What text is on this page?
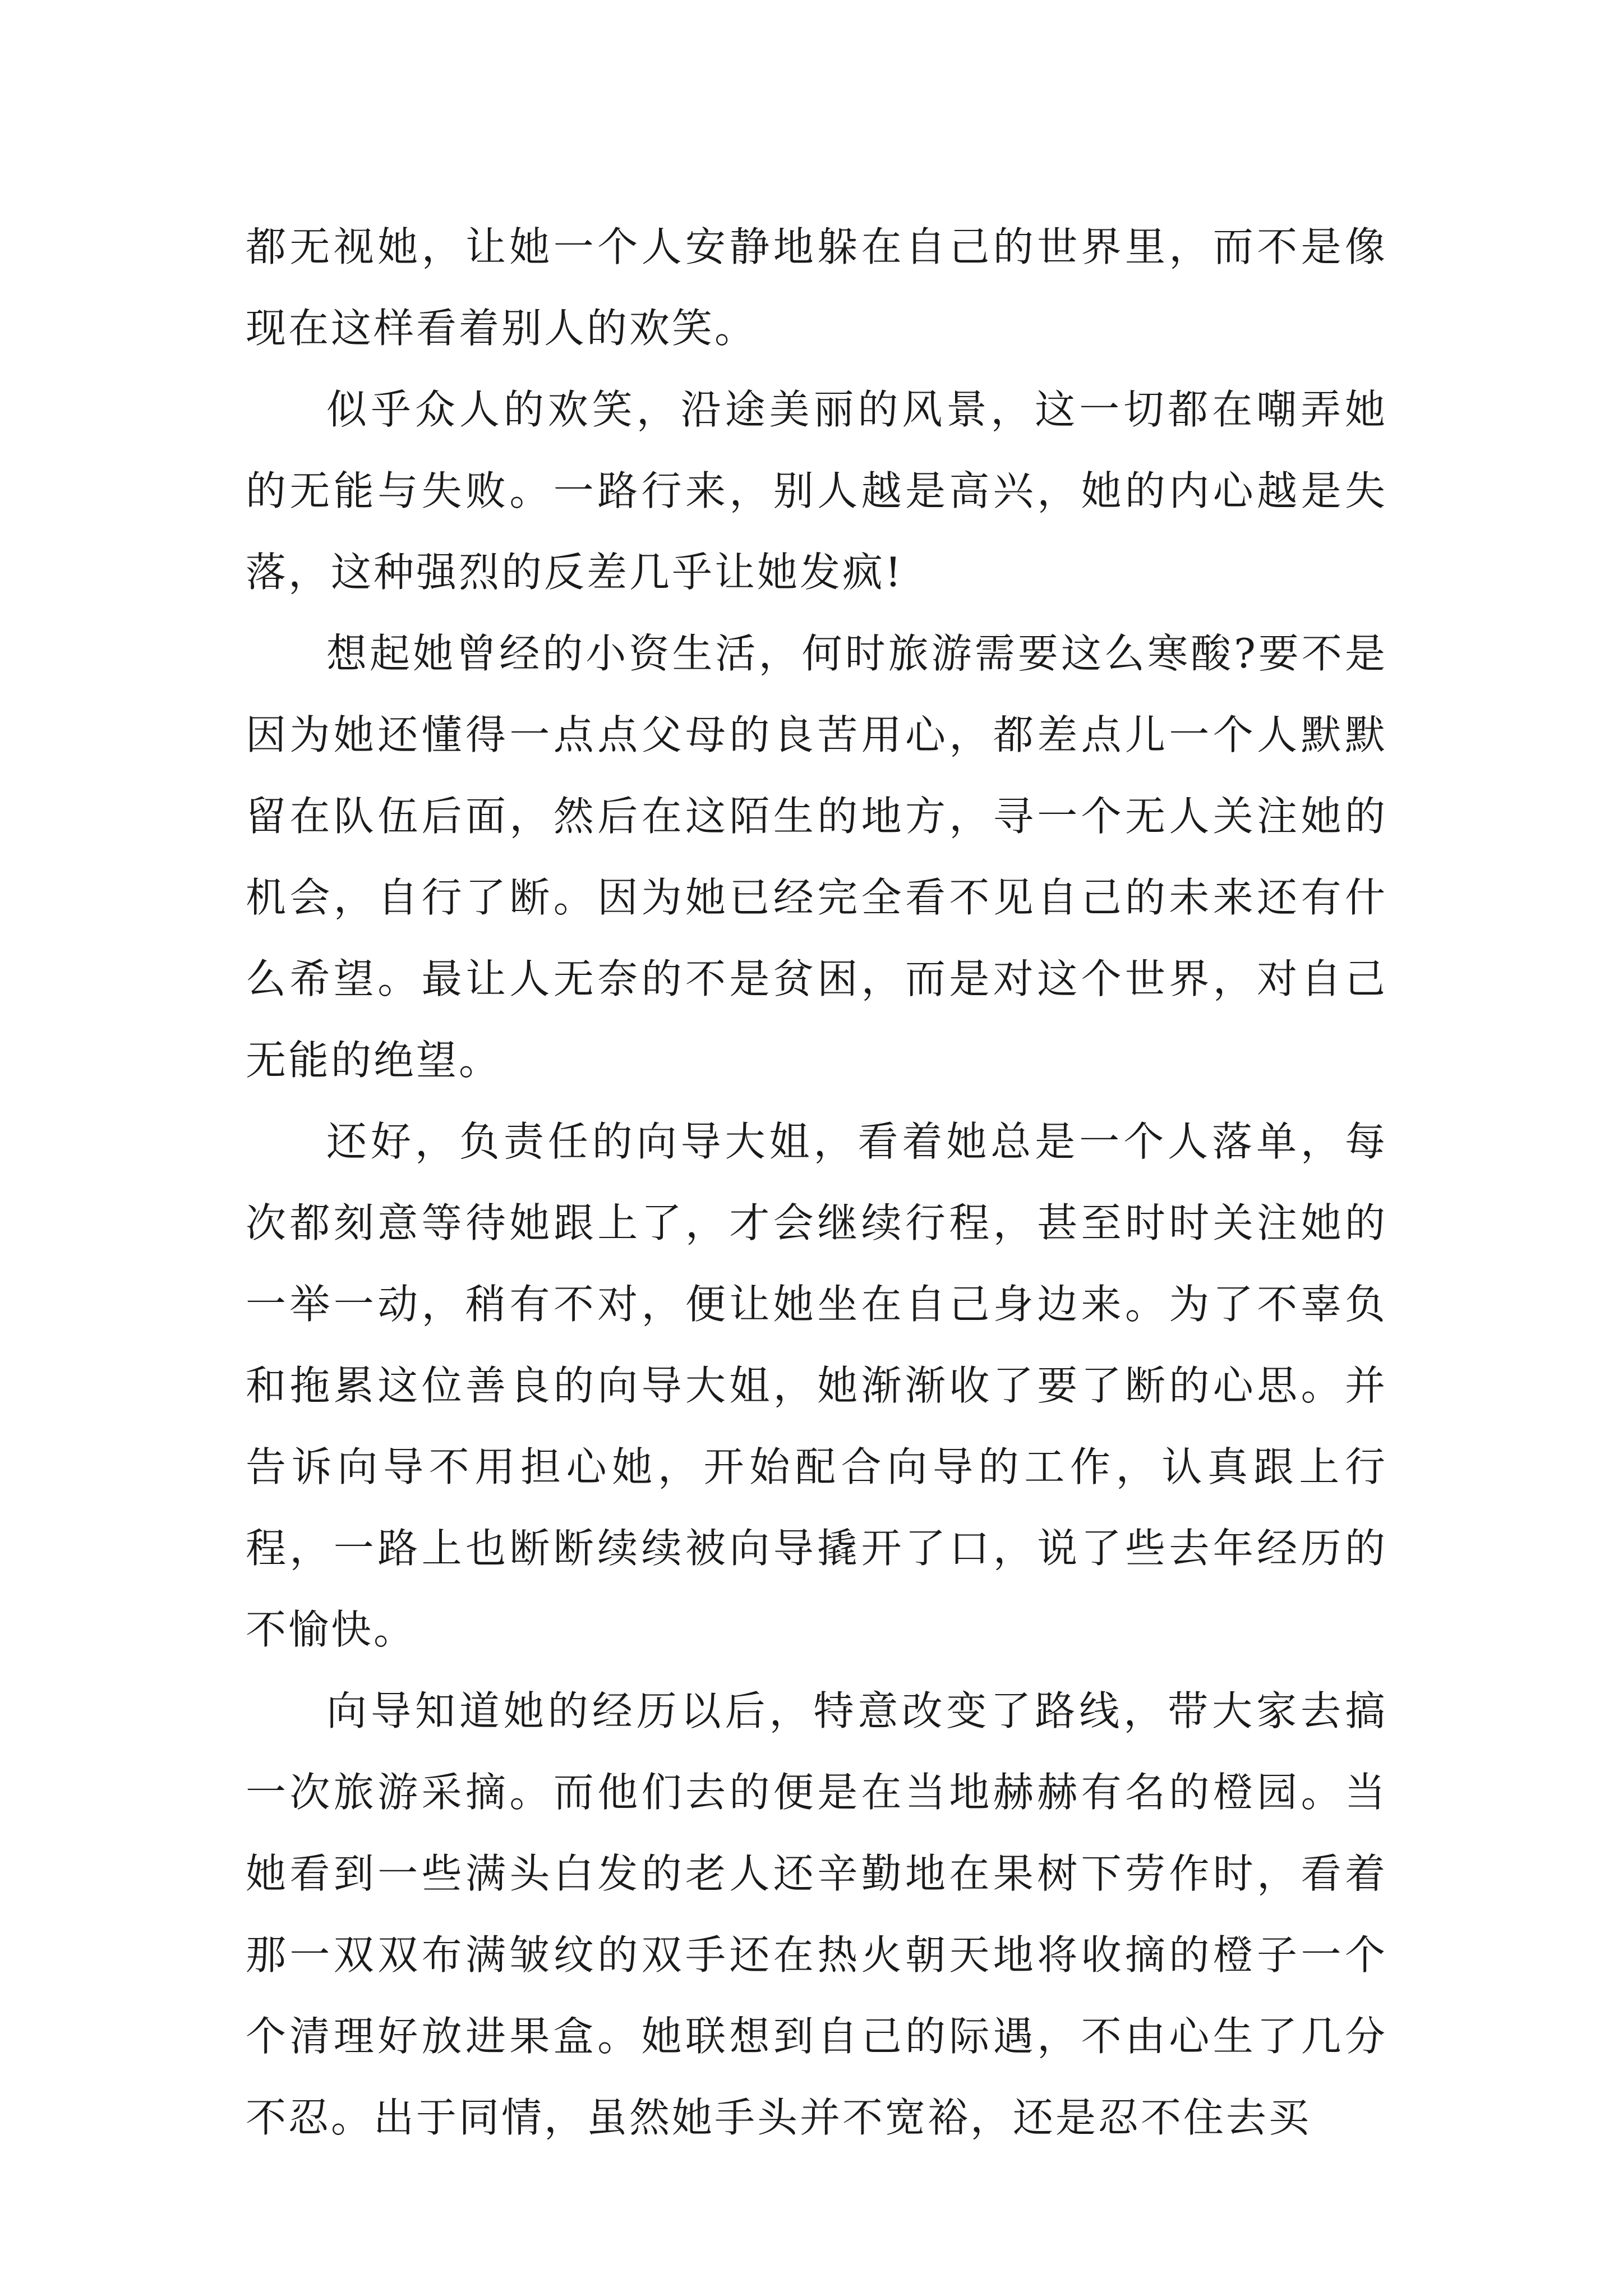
都无视她，让她一个人安静地躲在自己的世界里，而不是像现在这样看着别人的欢笑。

似乎众人的欢笑，沿途美丽的风景，这一切都在嘲弄她的无能与失败。一路行来，别人越是高兴，她的内心越是失落，这种强烈的反差几乎让她发疯!

想起她曾经的小资生活，何时旅游需要这么寒酸?要不是因为她还懂得一点点父母的良苦用心，都差点儿一个人默默留在队伍后面，然后在这陌生的地方，寻一个无人关注她的机会，自行了断。因为她已经完全看不见自己的未来还有什么希望。最让人无奈的不是贫困，而是对这个世界，对自己无能的绝望。

还好，负责任的向导大姐，看着她总是一个人落单，每次都刻意等待她跟上了，才会继续行程，甚至时时关注她的一举一动，稍有不对，便让她坐在自己身边来。为了不辜负和拖累这位善良的向导大姐，她渐渐收了要了断的心思。并告诉向导不用担心她，开始配合向导的工作，认真跟上行程，一路上也断断续续被向导撬开了口，说了些去年经历的不愉快。

向导知道她的经历以后，特意改变了路线，带大家去搞一次旅游采摘。而他们去的便是在当地赫赫有名的橙园。当她看到一些满头白发的老人还辛勤地在果树下劳作时，看着那一双双布满皱纹的双手还在热火朝天地将收摘的橙子一个个清理好放进果盒。她联想到自己的际遇，不由心生了几分不忍。出于同情，虽然她手头并不宽裕，还是忍不住去买
